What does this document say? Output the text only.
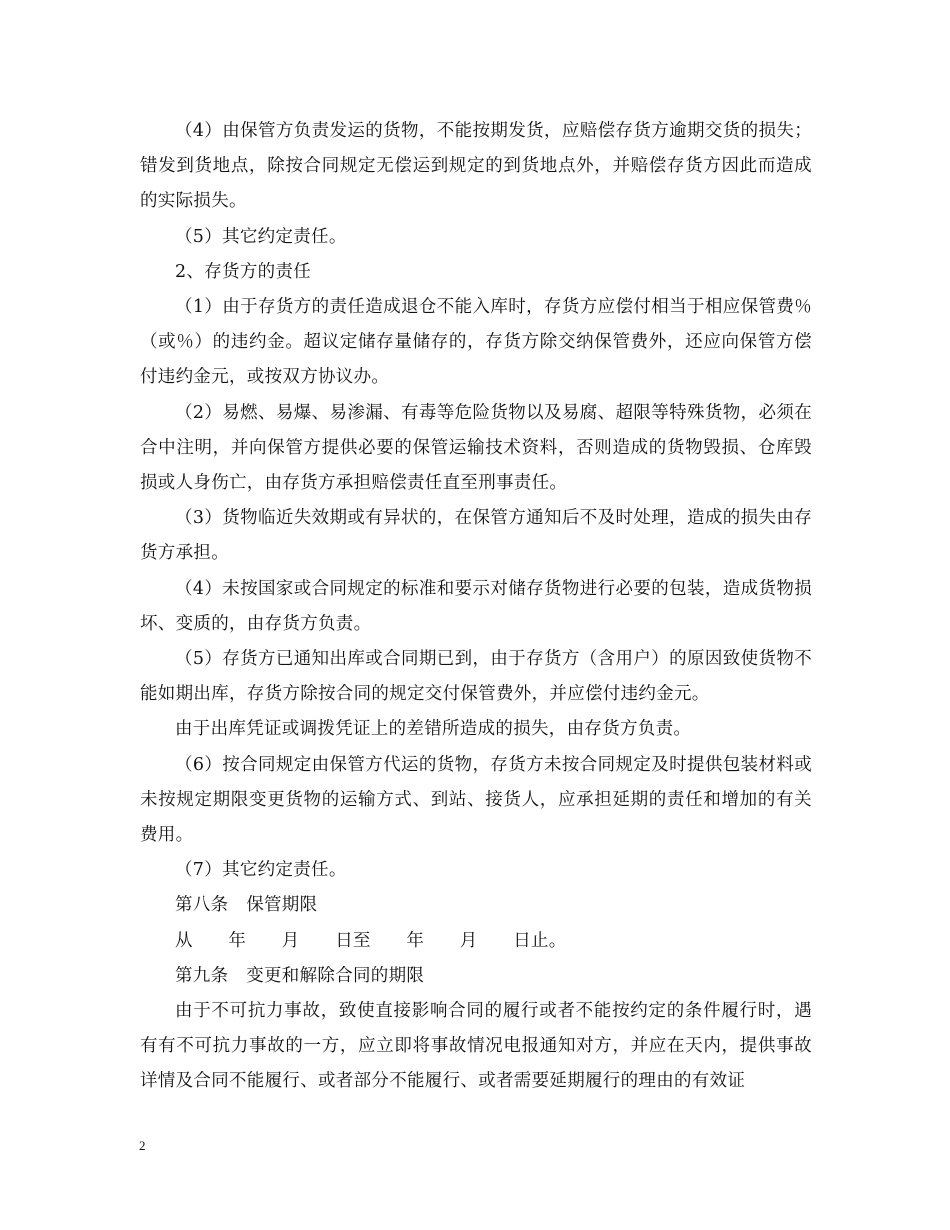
（4）由保管方负责发运的货物，不能按期发货，应赔偿存货方逾期交货的损失；错发到货地点，除按合同规定无偿运到规定的到货地点外，并赔偿存货方因此而造成的实际损失。

（5）其它约定责任。

2、存货方的责任

（1）由于存货方的责任造成退仓不能入库时，存货方应偿付相当于相应保管费％（或％）的违约金。超议定储存量储存的，存货方除交纳保管费外，还应向保管方偿付违约金元，或按双方协议办。

（2）易燃、易爆、易渗漏、有毒等危险货物以及易腐、超限等特殊货物，必须在合中注明，并向保管方提供必要的保管运输技术资料，否则造成的货物毁损、仓库毁损或人身伤亡，由存货方承担赔偿责任直至刑事责任。

（3）货物临近失效期或有异状的，在保管方通知后不及时处理，造成的损失由存货方承担。

（4）未按国家或合同规定的标准和要示对储存货物进行必要的包装，造成货物损坏、变质的，由存货方负责。

（5）存货方已通知出库或合同期已到，由于存货方（含用户）的原因致使货物不能如期出库，存货方除按合同的规定交付保管费外，并应偿付违约金元。

由于出库凭证或调拨凭证上的差错所造成的损失，由存货方负责。

（6）按合同规定由保管方代运的货物，存货方未按合同规定及时提供包装材料或未按规定期限变更货物的运输方式、到站、接货人，应承担延期的责任和增加的有关费用。

（7）其它约定责任。

第八条　保管期限

从　　年　　月　　日至　　年　　月　　日止。

第九条　变更和解除合同的期限

由于不可抗力事故，致使直接影响合同的履行或者不能按约定的条件履行时，遇有有不可抗力事故的一方，应立即将事故情况电报通知对方，并应在天内，提供事故详情及合同不能履行、或者部分不能履行、或者需要延期履行的理由的有效证

2
